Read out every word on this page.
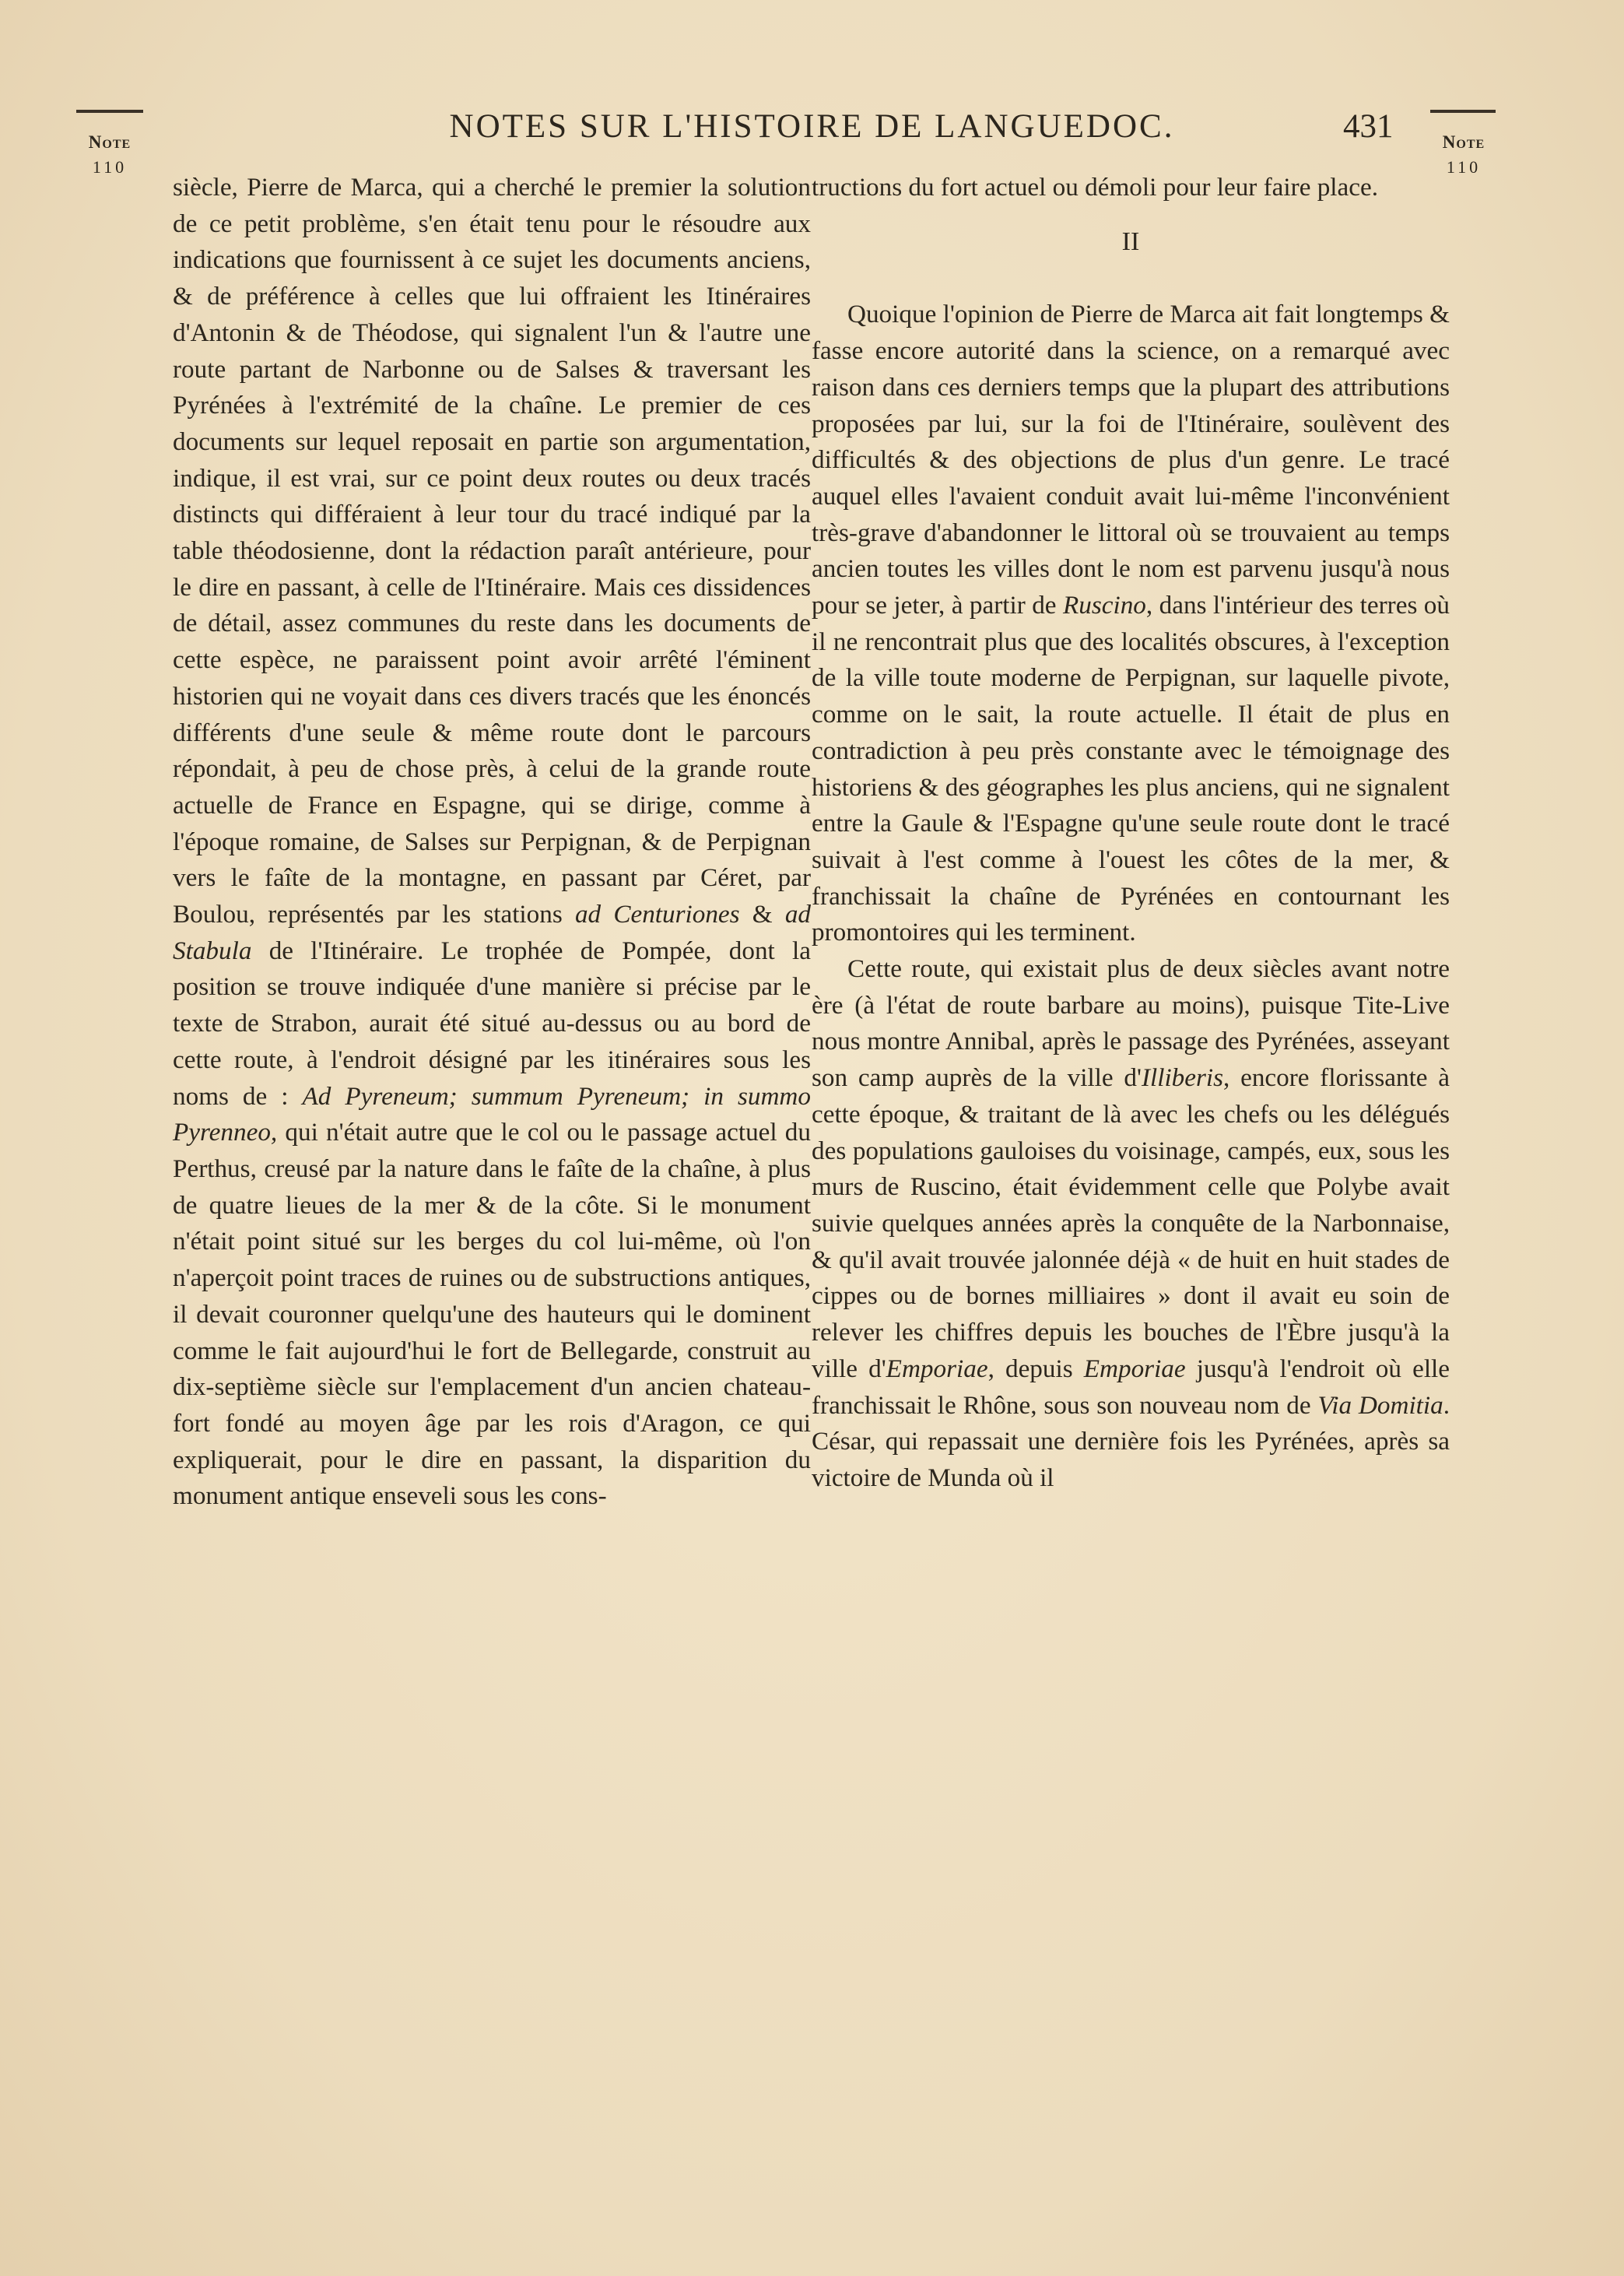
Note
110
Note
110
NOTES SUR L'HISTOIRE DE LANGUEDOC.	431

siècle, Pierre de Marca, qui a cherché le premier la solution de ce petit problème, s'en était tenu pour le résoudre aux indications que fournissent à ce sujet les documents anciens, & de préférence à celles que lui offraient les Itinéraires d'Antonin & de Théodose, qui signalent l'un & l'autre une route partant de Narbonne ou de Salses & traversant les Pyrénées à l'extrémité de la chaîne. Le premier de ces documents sur lequel reposait en partie son argumentation, indique, il est vrai, sur ce point deux routes ou deux tracés distincts qui différaient à leur tour du tracé indiqué par la table théodosienne, dont la rédaction paraît antérieure, pour le dire en passant, à celle de l'Itinéraire. Mais ces dissidences de détail, assez communes du reste dans les documents de cette espèce, ne paraissent point avoir arrêté l'éminent historien qui ne voyait dans ces divers tracés que les énoncés différents d'une seule & même route dont le parcours répondait, à peu de chose près, à celui de la grande route actuelle de France en Espagne, qui se dirige, comme à l'époque romaine, de Salses sur Perpignan, & de Perpignan vers le faîte de la montagne, en passant par Céret, par Boulou, représentés par les stations ad Centuriones & ad Stabula de l'Itinéraire. Le trophée de Pompée, dont la position se trouve indiquée d'une manière si précise par le texte de Strabon, aurait été situé au-dessus ou au bord de cette route, à l'endroit désigné par les itinéraires sous les noms de : Ad Pyreneum; summum Pyreneum; in summo Pyrenneo, qui n'était autre que le col ou le passage actuel du Perthus, creusé par la nature dans le faîte de la chaîne, à plus de quatre lieues de la mer & de la côte. Si le monument n'était point situé sur les berges du col lui-même, où l'on n'aperçoit point traces de ruines ou de substructions antiques, il devait couronner quelqu'une des hauteurs qui le dominent comme le fait aujourd'hui le fort de Bellegarde, construit au dix-septième siècle sur l'emplacement d'un ancien chateau-fort fondé au moyen âge par les rois d'Aragon, ce qui expliquerait, pour le dire en passant, la disparition du monument antique enseveli sous les cons-

tructions du fort actuel ou démoli pour leur faire place.

II

Quoique l'opinion de Pierre de Marca ait fait longtemps & fasse encore autorité dans la science, on a remarqué avec raison dans ces derniers temps que la plupart des attributions proposées par lui, sur la foi de l'Itinéraire, soulèvent des difficultés & des objections de plus d'un genre. Le tracé auquel elles l'avaient conduit avait lui-même l'inconvénient très-grave d'abandonner le littoral où se trouvaient au temps ancien toutes les villes dont le nom est parvenu jusqu'à nous pour se jeter, à partir de Ruscino, dans l'intérieur des terres où il ne rencontrait plus que des localités obscures, à l'exception de la ville toute moderne de Perpignan, sur laquelle pivote, comme on le sait, la route actuelle. Il était de plus en contradiction à peu près constante avec le témoignage des historiens & des géographes les plus anciens, qui ne signalent entre la Gaule & l'Espagne qu'une seule route dont le tracé suivait à l'est comme à l'ouest les côtes de la mer, & franchissait la chaîne de Pyrénées en contournant les promontoires qui les terminent.

Cette route, qui existait plus de deux siècles avant notre ère (à l'état de route barbare au moins), puisque Tite-Live nous montre Annibal, après le passage des Pyrénées, asseyant son camp auprès de la ville d'Illiberis, encore florissante à cette époque, & traitant de là avec les chefs ou les délégués des populations gauloises du voisinage, campés, eux, sous les murs de Ruscino, était évidemment celle que Polybe avait suivie quelques années après la conquête de la Narbonnaise, & qu'il avait trouvée jalonnée déjà « de huit en huit stades de cippes ou de bornes milliaires » dont il avait eu soin de relever les chiffres depuis les bouches de l'Èbre jusqu'à la ville d'Emporiae, depuis Emporiae jusqu'à l'endroit où elle franchissait le Rhône, sous son nouveau nom de Via Domitia. César, qui repassait une dernière fois les Pyrénées, après sa victoire de Munda où il
